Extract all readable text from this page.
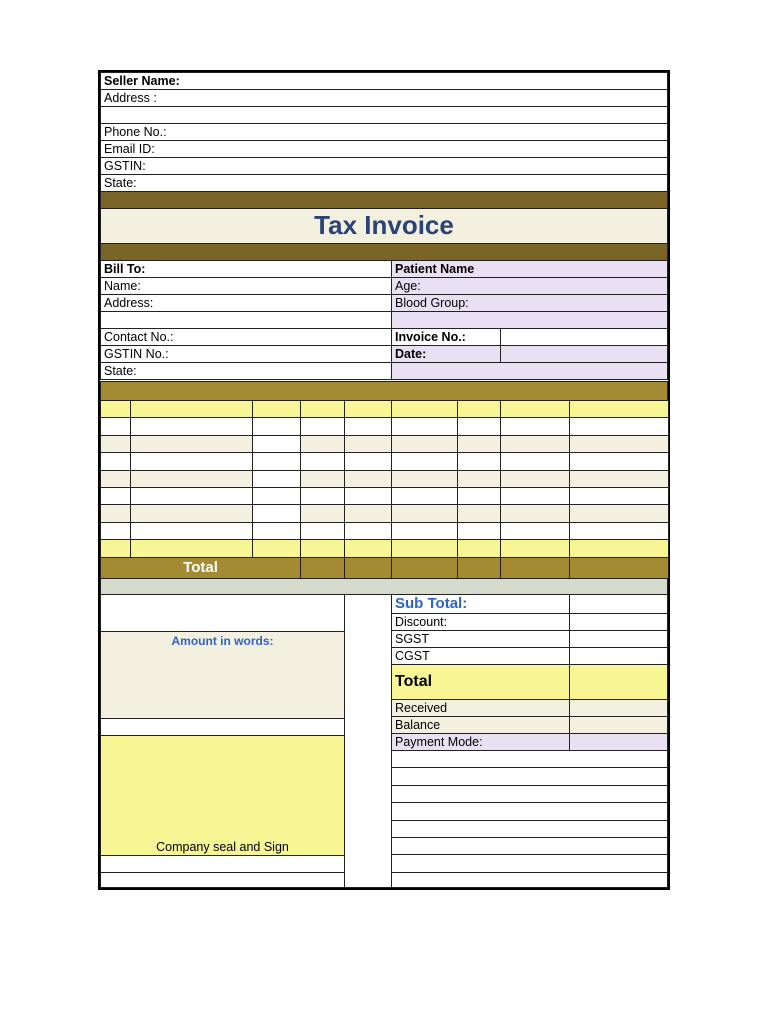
Seller Name:
Address :
Phone No.:
Email ID:
GSTIN:
State:
Tax Invoice
Bill To:	Patient Name
Name:	Age:
Address:	Blood Group:
Contact No.:	Invoice No.:
GSTIN No.:	Date:
State:
Amount in words:
Company seal and Sign
Sub Total:
Discount:
SGST
CGST
Total
Received
Balance
Payment Mode:
Total
